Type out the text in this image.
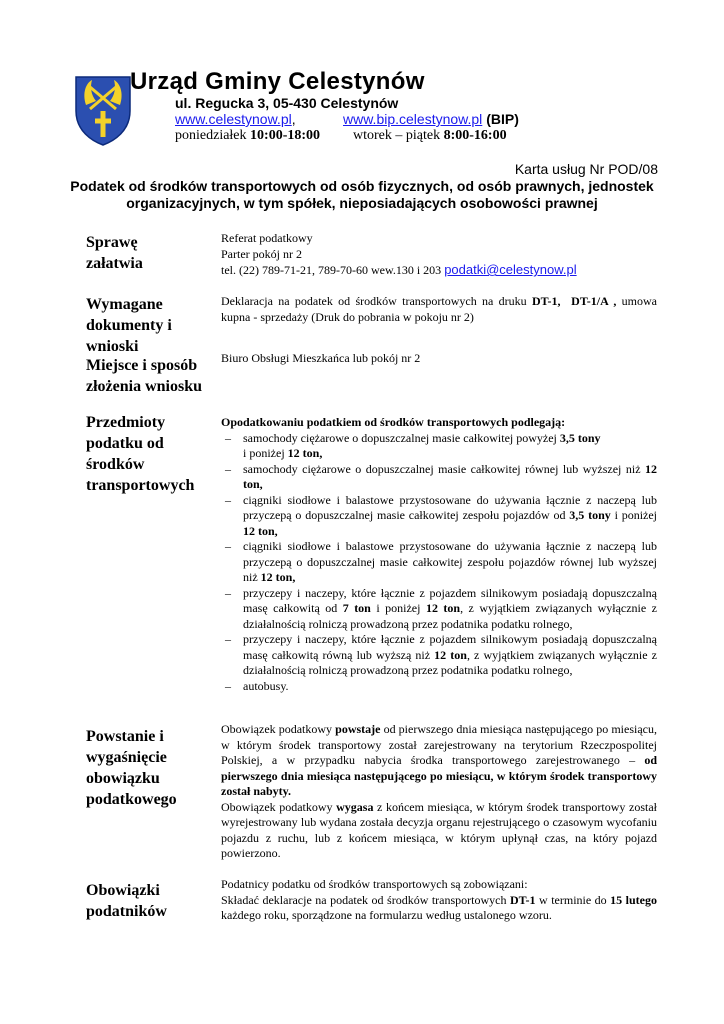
Urząd Gminy Celestynów
ul. Regucka 3, 05-430 Celestynów
www.celestynow.pl,	www.bip.celestynow.pl (BIP)
poniedziałek 10:00-18:00 wtorek – piątek 8:00-16:00
Karta usług Nr POD/08
Podatek od środków transportowych od osób fizycznych, od osób prawnych, jednostek organizacyjnych, w tym spółek, nieposiadających osobowości prawnej
Sprawę załatwia
Referat podatkowy
Parter pokój nr 2
tel. (22) 789-71-21, 789-70-60 wew.130 i 203 podatki@celestynow.pl
Wymagane dokumenty i wnioski
Deklaracja na podatek od środków transportowych na druku DT-1, DT-1/A , umowa kupna - sprzedaży (Druk do pobrania w pokoju nr 2)
Miejsce i sposób złożenia wniosku
Biuro Obsługi Mieszkańca lub pokój nr 2
Przedmioty podatku od środków transportowych
Opodatkowaniu podatkiem od środków transportowych podlegają:
– samochody ciężarowe o dopuszczalnej masie całkowitej powyżej 3,5 tony
i poniżej 12 ton,
– samochody ciężarowe o dopuszczalnej masie całkowitej równej lub wyższej niż 12 ton,
– ciągniki siodłowe i balastowe przystosowane do używania łącznie z naczepą lub przyczepą o dopuszczalnej masie całkowitej zespołu pojazdów od 3,5 tony i poniżej 12 ton,
– ciągniki siodłowe i balastowe przystosowane do używania łącznie z naczepą lub przyczepą o dopuszczalnej masie całkowitej zespołu pojazdów równej lub wyższej niż 12 ton,
– przyczepy i naczepy, które łącznie z pojazdem silnikowym posiadają dopuszczalną masę całkowitą od 7 ton i poniżej 12 ton, z wyjątkiem związanych wyłącznie z działalnością rolniczą prowadzoną przez podatnika podatku rolnego,
– przyczepy i naczepy, które łącznie z pojazdem silnikowym posiadają dopuszczalną masę całkowitą równą lub wyższą niż 12 ton, z wyjątkiem związanych wyłącznie z działalnością rolniczą prowadzoną przez podatnika podatku rolnego,
– autobusy.
Powstanie i wygaśnięcie obowiązku podatkowego

Obowiązek podatkowy powstaje od pierwszego dnia miesiąca następującego po miesiącu, w którym środek transportowy został zarejestrowany na terytorium Rzeczpospolitej Polskiej, a w przypadku nabycia środka transportowego zarejestrowanego – od pierwszego dnia miesiąca następującego po miesiącu, w którym środek transportowy został nabyty.

Obowiązek podatkowy wygasa z końcem miesiąca, w którym środek transportowy został wyrejestrowany lub wydana została decyzja organu rejestrującego o czasowym wycofaniu pojazdu z ruchu, lub z końcem miesiąca, w którym upłynął czas, na który pojazd powierzono.

Obowiązki podatników
Podatnicy podatku od środków transportowych są zobowiązani:
Składać deklaracje na podatek od środków transportowych DT-1 w terminie do 15 lutego każdego roku, sporządzone na formularzu według ustalonego wzoru.
